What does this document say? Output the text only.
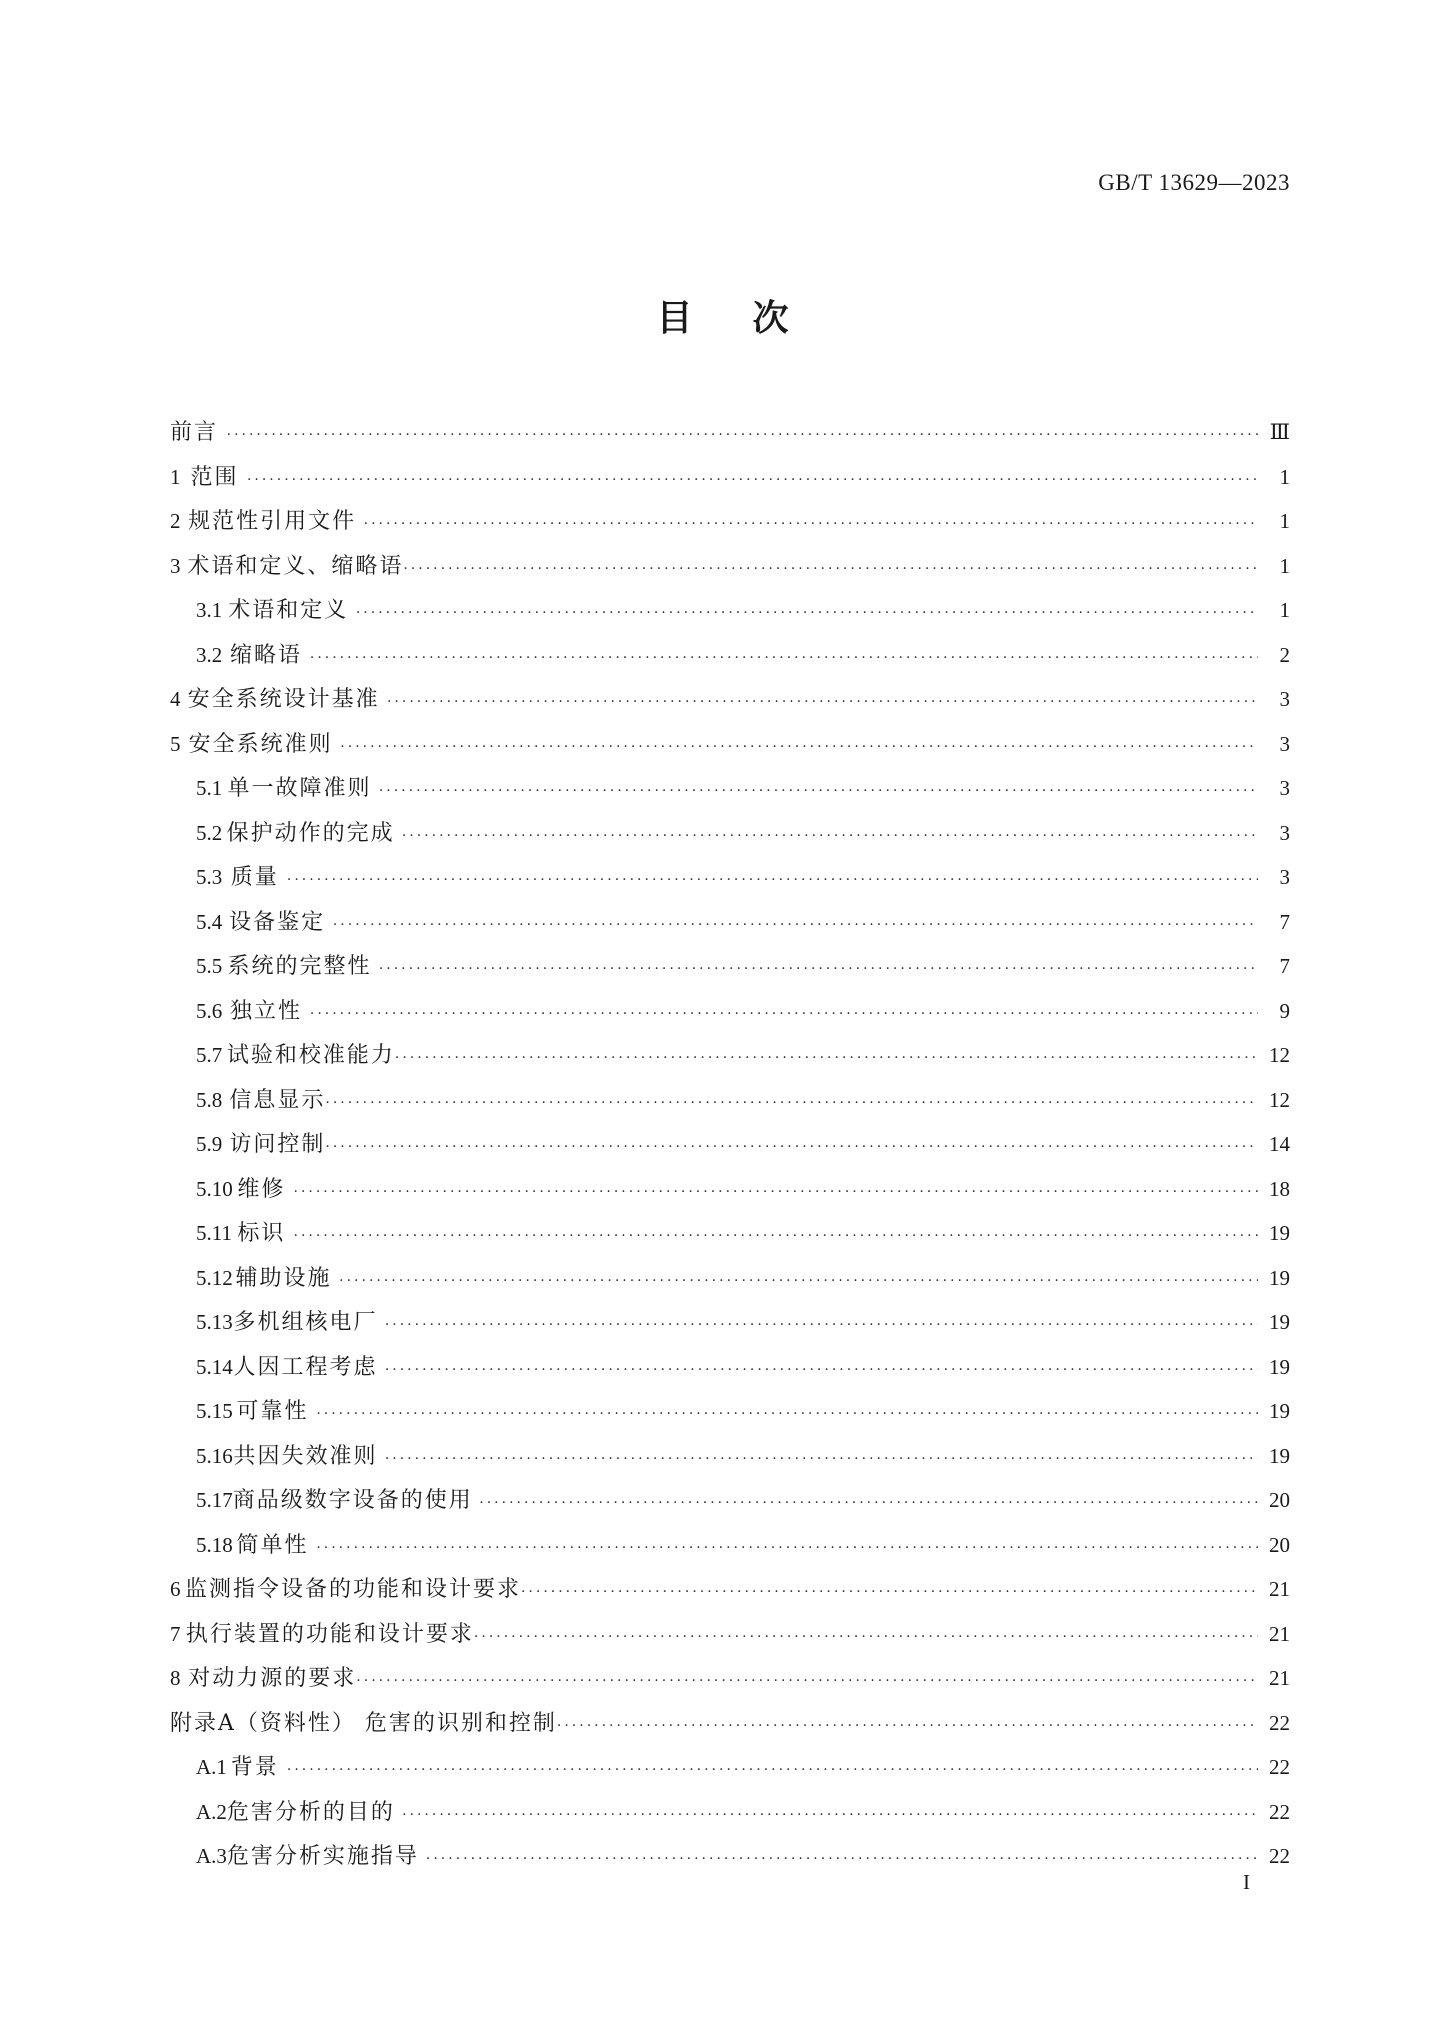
GB/T 13629—2023
目次
前言 ·····	Ⅲ
1 范围 ·····	1
2 规范性引用文件 ·····	1
3 术语和定义、缩略语 ·····	1
3.1 术语和定义 ·····	1
3.2 缩略语 ·····	2
4 安全系统设计基准 ·····	3
5 安全系统准则 ·····	3
5.1 单一故障准则 ·····	3
5.2 保护动作的完成 ·····	3
5.3 质量 ·····	3
5.4 设备鉴定 ·····	7
5.5 系统的完整性 ·····	7
5.6 独立性 ·····	9
5.7 试验和校准能力 ·····	12
5.8 信息显示 ·····	12
5.9 访问控制 ·····	14
5.10 维修 ·····	18
5.11 标识 ·····	19
5.12 辅助设施 ·····	19
5.13 多机组核电厂 ·····	19
5.14 人因工程考虑 ·····	19
5.15 可靠性 ·····	19
5.16 共因失效准则 ·····	19
5.17 商品级数字设备的使用 ·····	20
5.18 简单性 ·····	20
6 监测指令设备的功能和设计要求 ·····	21
7 执行装置的功能和设计要求 ·····	21
8 对动力源的要求 ·····	21
附录A（资料性） 危害的识别和控制 ·····	22
A.1 背景 ·····	22
A.2 危害分析的目的 ·····	22
A.3 危害分析实施指导 ·····	22
I
